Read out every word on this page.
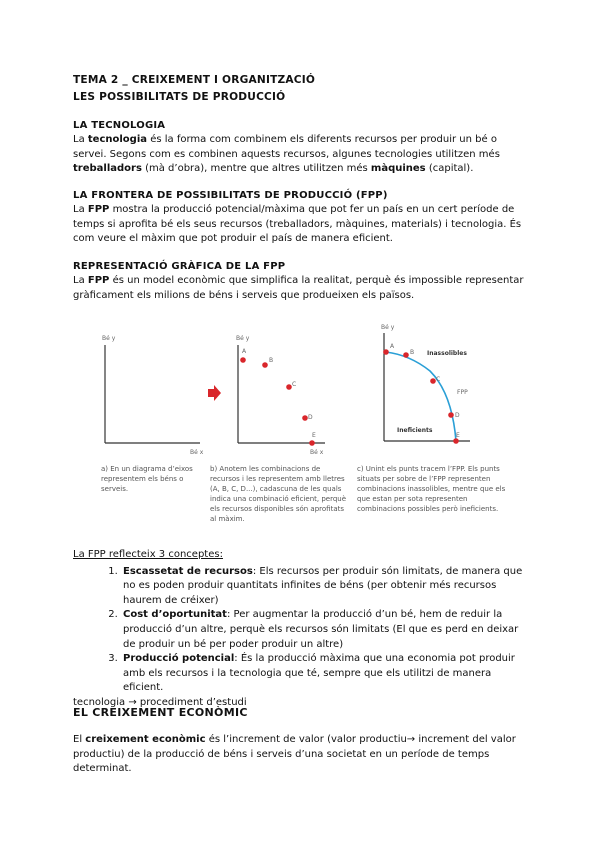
TEMA 2 _ CREIXEMENT I ORGANITZACIÓ
LES POSSIBILITATS DE PRODUCCIÓ
LA TECNOLOGIA
La tecnologia és la forma com combinem els diferents recursos per produir un bé o servei. Segons com es combinen aquests recursos, algunes tecnologies utilitzen més treballadors (mà d’obra), mentre que altres utilitzen més màquines (capital).
LA FRONTERA DE POSSIBILITATS DE PRODUCCIÓ (FPP)
La FPP mostra la producció potencial/màxima que pot fer un país en un cert període de temps si aprofita bé els seus recursos (treballadors, màquines, materials) i tecnologia. És com veure el màxim que pot produir el país de manera eficient.
REPRESENTACIÓ GRÀFICA DE LA FPP
La FPP és un model econòmic que simplifica la realitat, perquè és impossible representar gràficament els milions de béns i serveis que produeixen els països.
Bé y
Bé x
Bé y
Bé x
A
B
C
D
E
Bé y
A
B
C
D
E
Inassolibles
FPP
Ineficients
a) En un diagrama d’eixos representem els béns o serveis.
b) Anotem les combinacions de recursos i les representem amb lletres (A, B, C, D...), cadascuna de les quals indica una combinació eficient, perquè els recursos disponibles són aprofitats al màxim.
c) Unint els punts tracem l’FPP. Els punts situats per sobre de l’FPP representen combinacions inassolibles, mentre que els que estan per sota representen combinacions possibles però ineficients.
La FPP reflecteix 3 conceptes:
1. Escassetat de recursos: Els recursos per produir són limitats, de manera que no es poden produir quantitats infinites de béns (per obtenir més recursos haurem de créixer)
2. Cost d’oportunitat: Per augmentar la producció d’un bé, hem de reduir la producció d’un altre, perquè els recursos són limitats (El que es perd en deixar de produir un bé per poder produir un altre)
3. Producció potencial: És la producció màxima que una economia pot produir amb els recursos i la tecnologia que té, sempre que els utilitzi de manera eficient.
tecnologia → procediment d’estudi
EL CREIXEMENT ECONÒMIC
El creixement econòmic és l’increment de valor (valor productiu→ increment del valor productiu) de la producció de béns i serveis d’una societat en un període de temps determinat.
